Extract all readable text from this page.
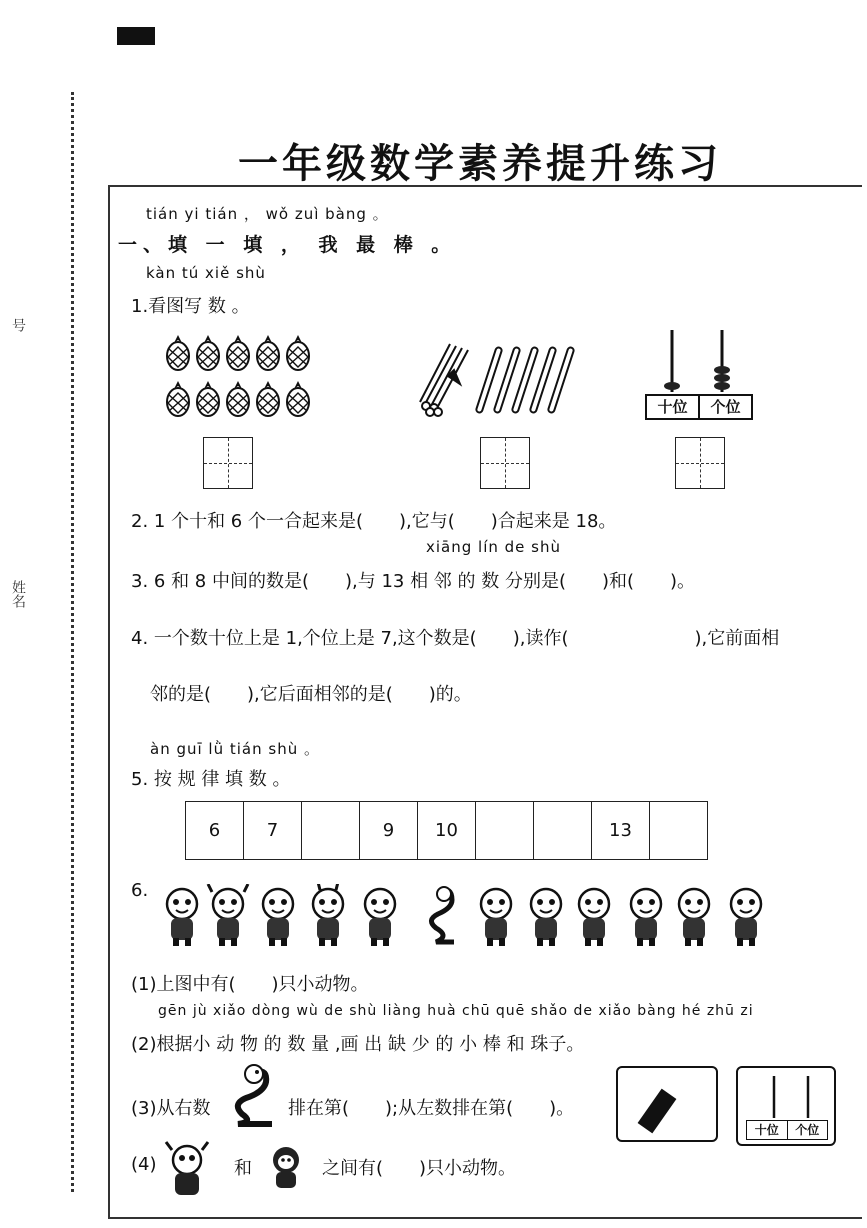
号
姓名
一年级数学素养提升练习
tián yi tián ， wǒ zuì bàng 。
一、填 一 填 ， 我 最 棒 。
kàn tú xiě shù
1.看图写 数 。
十位	个位
2. 1 个十和 6 个一合起来是(　　),它与(　　)合起来是 18。
xiāng lín de shù
3. 6 和 8 中间的数是(　　),与 13 相 邻 的 数 分别是(　　)和(　　)。
4. 一个数十位上是 1,个位上是 7,这个数是(　　),读作(　　　　　　　),它前面相
邻的是(　　),它后面相邻的是(　　)的。
àn guī lǜ tián shù 。
5. 按 规 律 填 数 。
6	7		9	10			13	
6.
(1)上图中有(　　)只小动物。
gēn jù xiǎo dòng wù de shù liàng huà chū quē shǎo de xiǎo bàng hé zhū zi
(2)根据小 动 物 的 数 量 ,画 出 缺 少 的 小 棒 和 珠子。
(3)从右数	排在第(　　);从左数排在第(　　)。
十位	个位
(4)	和	之间有(　　)只小动物。
